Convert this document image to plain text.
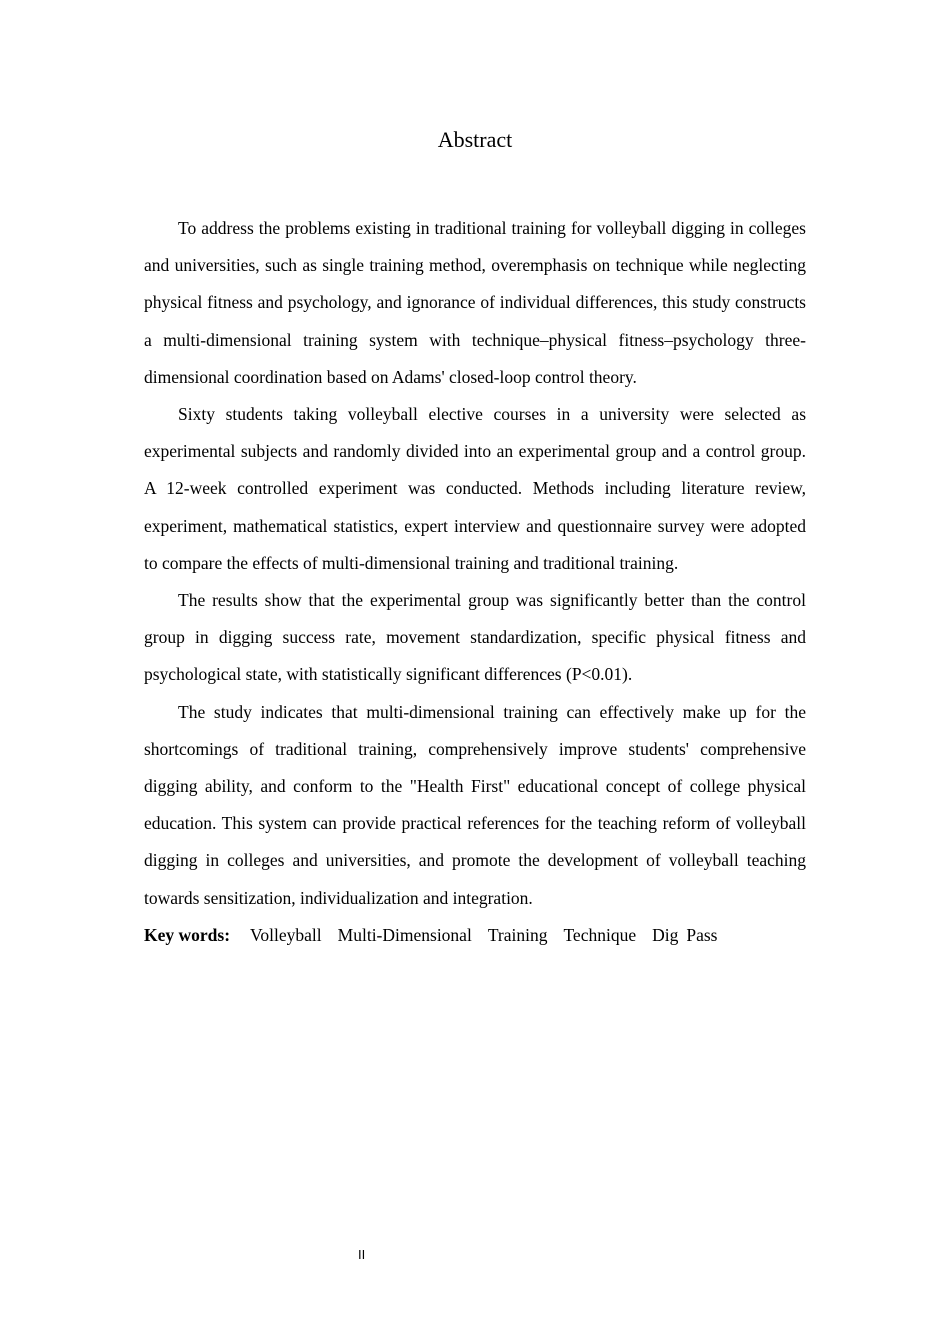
Abstract

To address the problems existing in traditional training for volleyball digging in colleges and universities, such as single training method, overemphasis on technique while neglecting physical fitness and psychology, and ignorance of individual differences, this study constructs a multi-dimensional training system with technique–physical fitness–psychology three-dimensional coordination based on Adams' closed-loop control theory.

Sixty students taking volleyball elective courses in a university were selected as experimental subjects and randomly divided into an experimental group and a control group. A 12-week controlled experiment was conducted. Methods including literature review, experiment, mathematical statistics, expert interview and questionnaire survey were adopted to compare the effects of multi-dimensional training and traditional training.

The results show that the experimental group was significantly better than the control group in digging success rate, movement standardization, specific physical fitness and psychological state, with statistically significant differences (P<0.01).

The study indicates that multi-dimensional training can effectively make up for the shortcomings of traditional training, comprehensively improve students' comprehensive digging ability, and conform to the "Health First" educational concept of college physical education. This system can provide practical references for the teaching reform of volleyball digging in colleges and universities, and promote the development of volleyball teaching towards sensitization, individualization and integration.

Key words: Volleyball Multi-Dimensional Training Technique Dig Pass
II
